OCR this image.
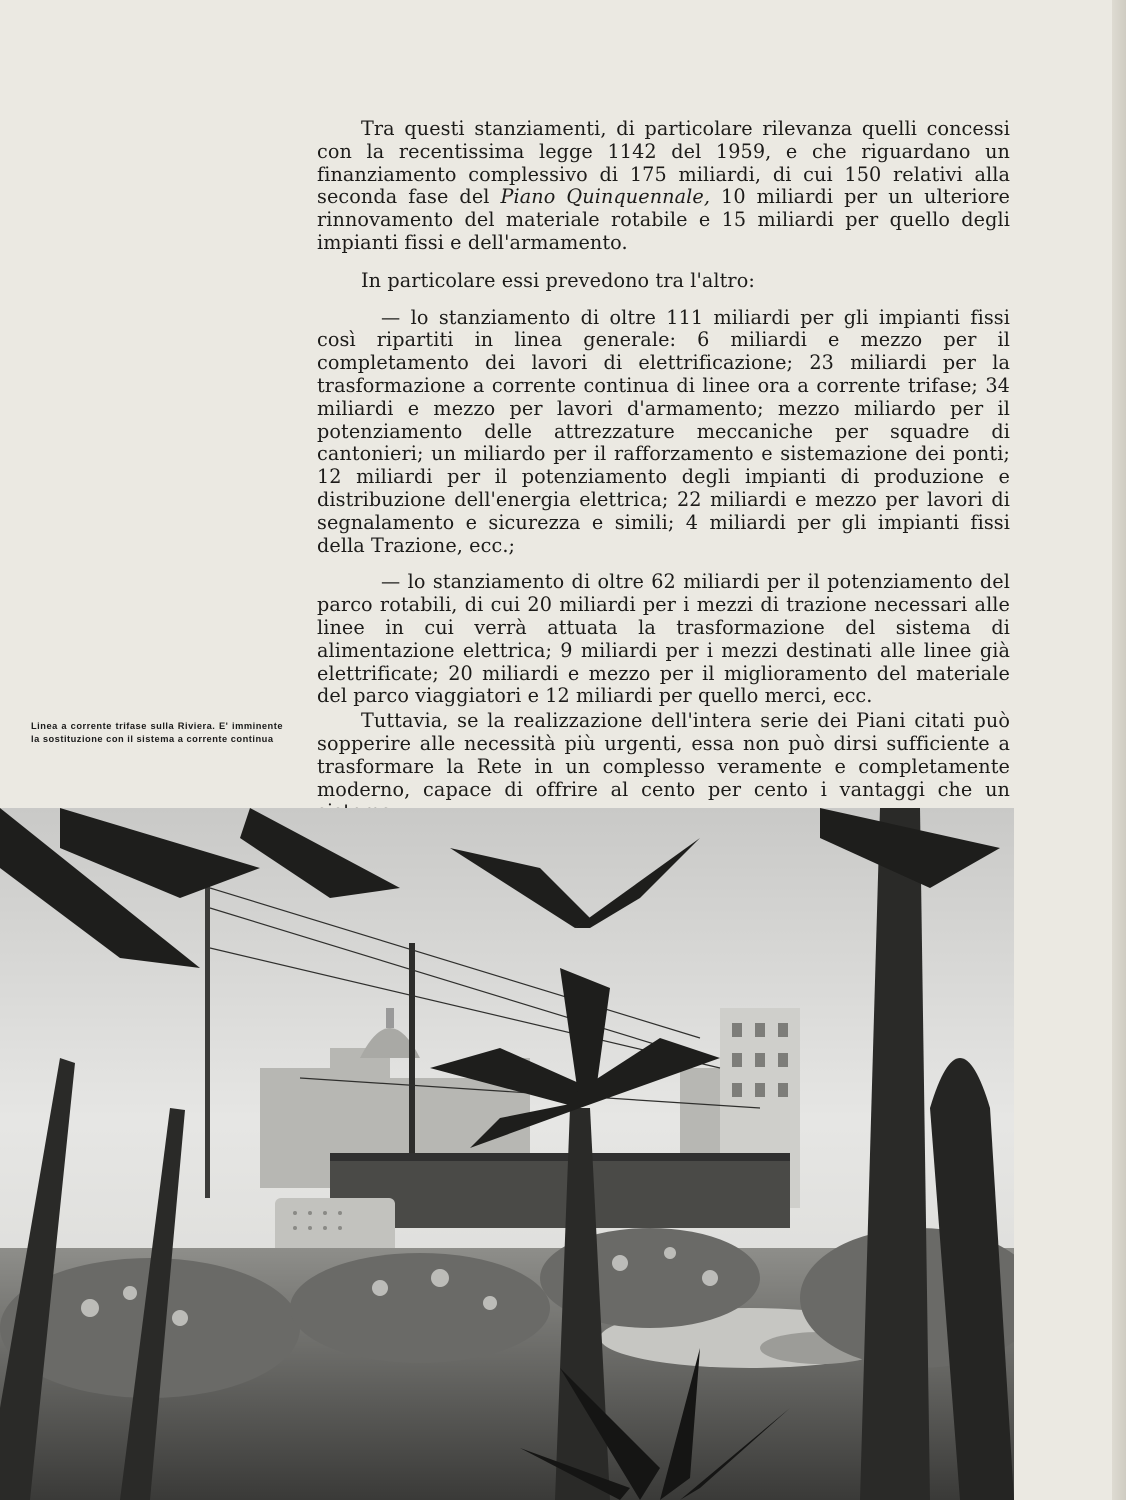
Tra questi stanziamenti, di particolare rilevanza quelli concessi con la recentissima legge 1142 del 1959, e che riguardano un finanziamento complessivo di 175 miliardi, di cui 150 relativi alla seconda fase del Piano Quinquennale, 10 miliardi per un ulteriore rinnovamento del materiale rotabile e 15 miliardi per quello degli impianti fissi e dell'armamento.

In particolare essi prevedono tra l'altro:

— lo stanziamento di oltre 111 miliardi per gli impianti fissi così ripartiti in linea generale: 6 miliardi e mezzo per il completamento dei lavori di elettrificazione; 23 miliardi per la trasformazione a corrente continua di linee ora a corrente trifase; 34 miliardi e mezzo per lavori d'armamento; mezzo miliardo per il potenziamento delle attrezzature meccaniche per squadre di cantonieri; un miliardo per il rafforzamento e sistemazione dei ponti; 12 miliardi per il potenziamento degli impianti di produzione e distribuzione dell'energia elettrica; 22 miliardi e mezzo per lavori di segnalamento e sicurezza e simili; 4 miliardi per gli impianti fissi della Trazione, ecc.;

— lo stanziamento di oltre 62 miliardi per il potenziamento del parco rotabili, di cui 20 miliardi per i mezzi di trazione necessari alle linee in cui verrà attuata la trasformazione del sistema di alimentazione elettrica; 9 miliardi per i mezzi destinati alle linee già elettrificate; 20 miliardi e mezzo per il miglioramento del materiale del parco viaggiatori e 12 miliardi per quello merci, ecc.

Tuttavia, se la realizzazione dell'intera serie dei Piani citati può sopperire alle necessità più urgenti, essa non può dirsi sufficiente a trasformare la Rete in un complesso veramente e completamente moderno, capace di offrire al cento per cento i vantaggi che un

Linea a corrente trifase sulla Riviera. E' imminente la sostituzione con il sistema a corrente continua
